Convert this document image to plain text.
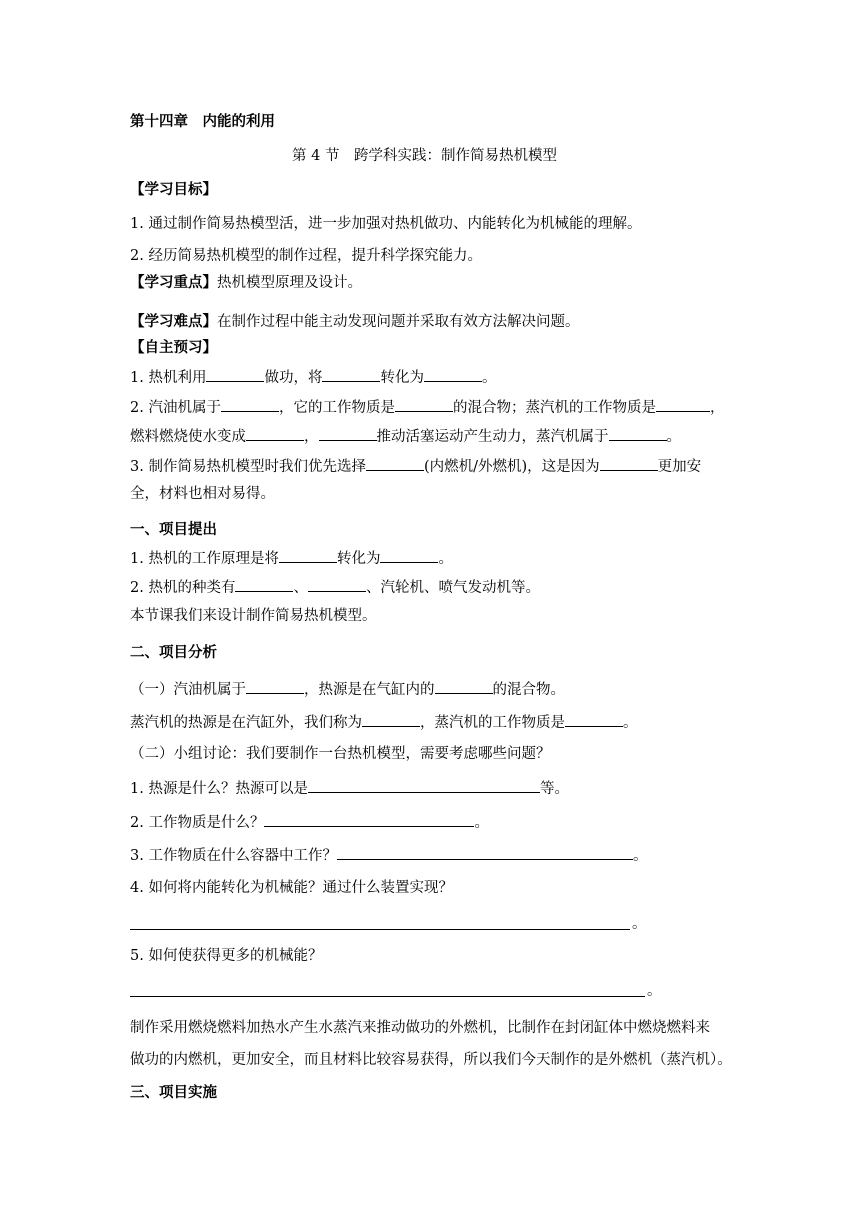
第十四章　内能的利用
第 4 节　跨学科实践：制作简易热机模型
【学习目标】
1. 通过制作简易热模型活，进一步加强对热机做功、内能转化为机械能的理解。
2. 经历简易热机模型的制作过程，提升科学探究能力。
【学习重点】热机模型原理及设计。
【学习难点】在制作过程中能主动发现问题并采取有效方法解决问题。
【自主预习】
1. 热机利用	做功，将	转化为	。
2. 汽油机属于	，它的工作物质是	的混合物；蒸汽机的工作物质是	，
燃料燃烧使水变成	，	推动活塞运动产生动力，蒸汽机属于	。
3. 制作简易热机模型时我们优先选择	(内燃机/外燃机)，这是因为	更加安
全，材料也相对易得。
一、项目提出
1. 热机的工作原理是将	转化为	。
2. 热机的种类有	、	、汽轮机、喷气发动机等。
本节课我们来设计制作简易热机模型。
二、项目分析
（一）汽油机属于	，热源是在气缸内的	的混合物。
蒸汽机的热源是在汽缸外，我们称为	，蒸汽机的工作物质是	。
（二）小组讨论：我们要制作一台热机模型，需要考虑哪些问题？
1. 热源是什么？热源可以是	等。
2. 工作物质是什么？	。
3. 工作物质在什么容器中工作？	。
4. 如何将内能转化为机械能？通过什么装置实现？
。
5. 如何使获得更多的机械能？
。
制作采用燃烧燃料加热水产生水蒸汽来推动做功的外燃机，比制作在封闭缸体中燃烧燃料来
做功的内燃机，更加安全，而且材料比较容易获得，所以我们今天制作的是外燃机（蒸汽机）。
三、项目实施
